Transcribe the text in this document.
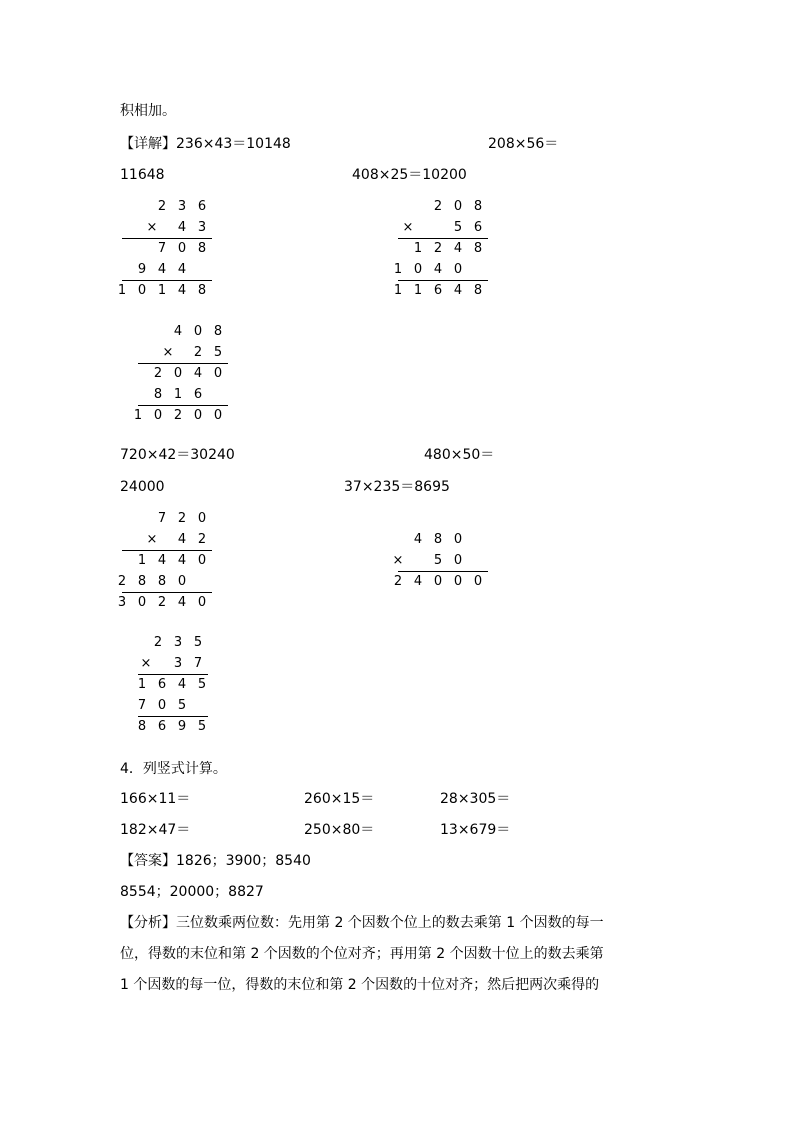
积相加。
【详解】236×43＝10148	208×56＝
11648	408×25＝10200
2 3 6
×	4 3
7 0 8
9 4 4
1 0 1 4 8
2 0 8
×	5 6
1 2 4 8
1 0 4 0
1 1 6 4 8
4 0 8
×	2 5
2 0 4 0
8 1 6
1 0 2 0 0
720×42＝30240	480×50＝
24000	37×235＝8695
7 2 0
×	4 2
1 4 4 0
2 8 8 0
3 0 2 4 0
4 8 0
×	5 0
2 4 0 0 0
2 3 5
×	3 7
1 6 4 5
7 0 5
8 6 9 5
4．列竖式计算。
166×11＝	260×15＝	28×305＝
182×47＝	250×80＝	13×679＝
【答案】1826；3900；8540
8554；20000；8827
【分析】三位数乘两位数：先用第 2 个因数个位上的数去乘第 1 个因数的每一
位，得数的末位和第 2 个因数的个位对齐；再用第 2 个因数十位上的数去乘第
1 个因数的每一位，得数的末位和第 2 个因数的十位对齐；然后把两次乘得的
